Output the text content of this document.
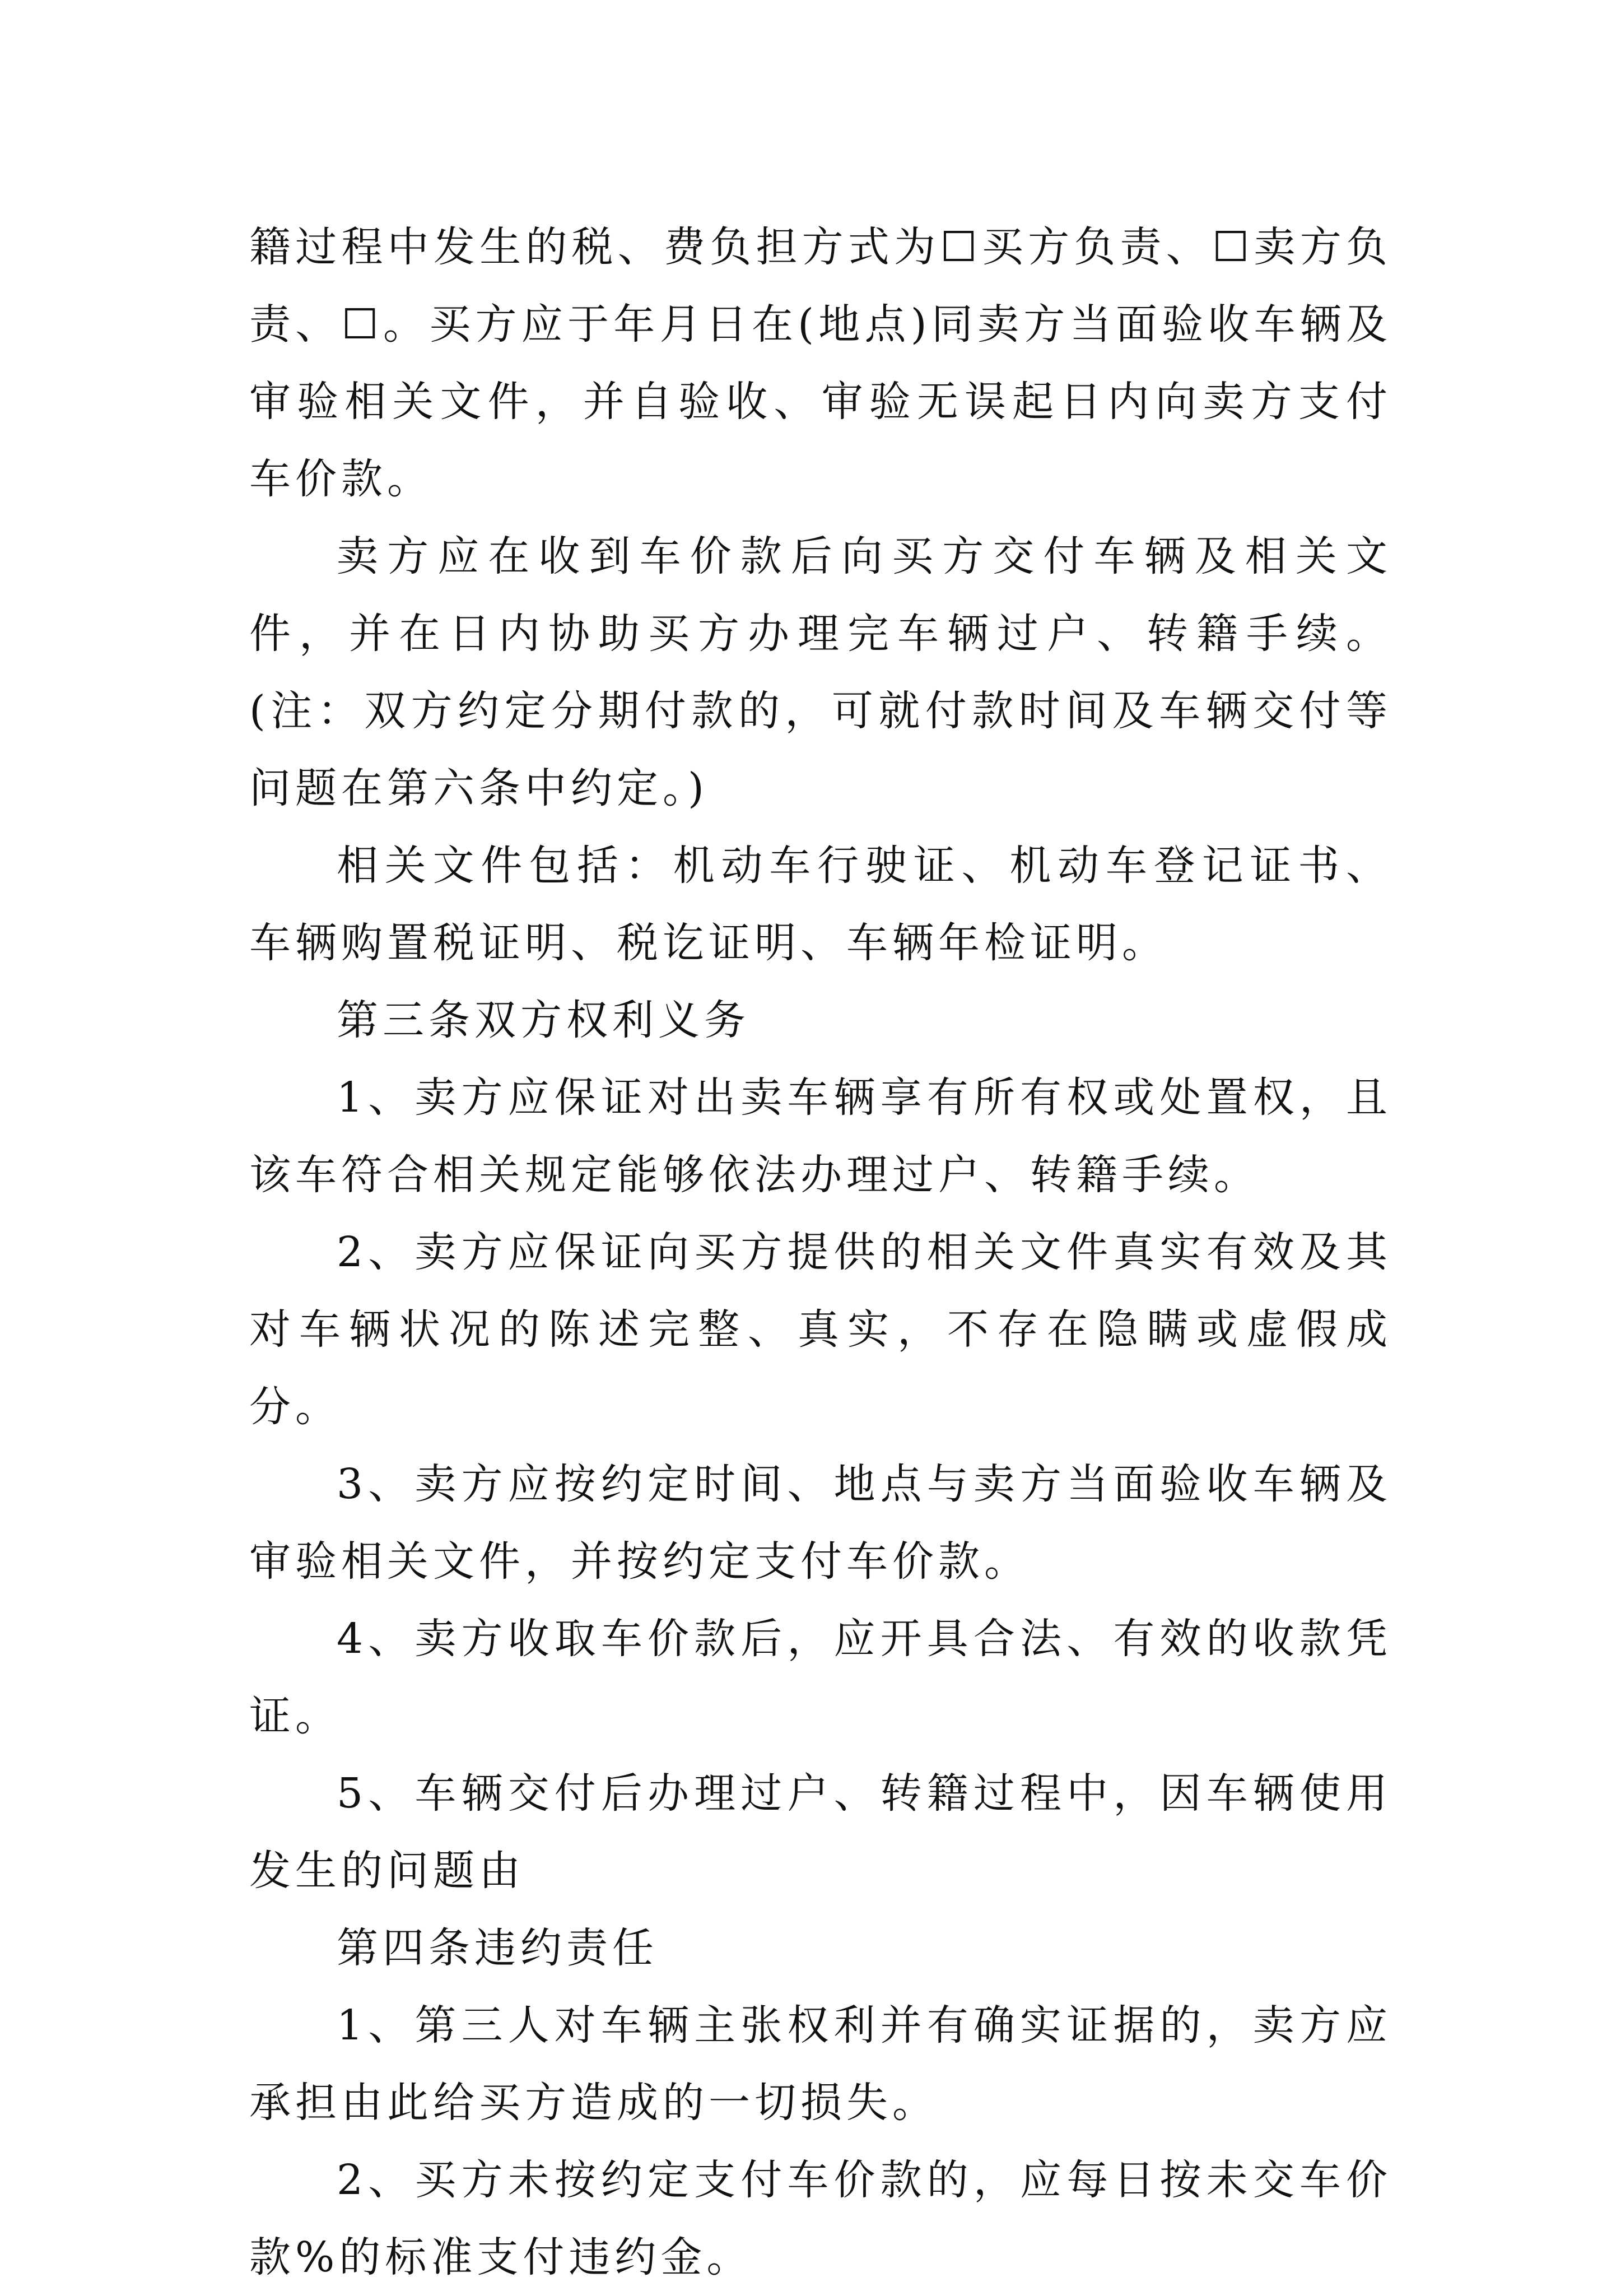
籍过程中发生的税、费负担方式为☐买方负责、☐卖方负责、☐。买方应于年月日在(地点)同卖方当面验收车辆及审验相关文件，并自验收、审验无误起日内向卖方支付车价款。

卖方应在收到车价款后向买方交付车辆及相关文件，并在日内协助买方办理完车辆过户、转籍手续。(注：双方约定分期付款的，可就付款时间及车辆交付等问题在第六条中约定。)

相关文件包括：机动车行驶证、机动车登记证书、车辆购置税证明、税讫证明、车辆年检证明。

第三条双方权利义务

1、卖方应保证对出卖车辆享有所有权或处置权，且该车符合相关规定能够依法办理过户、转籍手续。

2、卖方应保证向买方提供的相关文件真实有效及其对车辆状况的陈述完整、真实，不存在隐瞒或虚假成分。

3、卖方应按约定时间、地点与卖方当面验收车辆及审验相关文件，并按约定支付车价款。

4、卖方收取车价款后，应开具合法、有效的收款凭证。

5、车辆交付后办理过户、转籍过程中，因车辆使用发生的问题由

第四条违约责任

1、第三人对车辆主张权利并有确实证据的，卖方应承担由此给买方造成的一切损失。

2、买方未按约定支付车价款的，应每日按未交车价款%的标准支付违约金。
